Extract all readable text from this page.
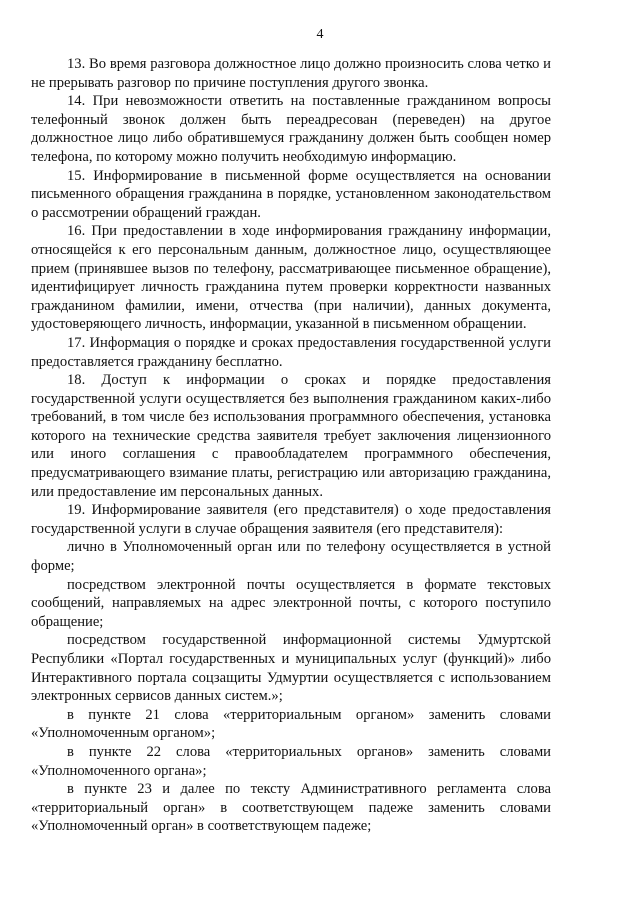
4

13. Во время разговора должностное лицо должно произносить слова четко и не прерывать разговор по причине поступления другого звонка.

14. При невозможности ответить на поставленные гражданином вопросы телефонный звонок должен быть переадресован (переведен) на другое должностное лицо либо обратившемуся гражданину должен быть сообщен номер телефона, по которому можно получить необходимую информацию.

15. Информирование в письменной форме осуществляется на основании письменного обращения гражданина в порядке, установленном законодательством о рассмотрении обращений граждан.

16. При предоставлении в ходе информирования гражданину информации, относящейся к его персональным данным, должностное лицо, осуществляющее прием (принявшее вызов по телефону, рассматривающее письменное обращение), идентифицирует личность гражданина путем проверки корректности названных гражданином фамилии, имени, отчества (при наличии), данных документа, удостоверяющего личность, информации, указанной в письменном обращении.

17. Информация о порядке и сроках предоставления государственной услуги предоставляется гражданину бесплатно.

18. Доступ к информации о сроках и порядке предоставления государственной услуги осуществляется без выполнения гражданином каких-либо требований, в том числе без использования программного обеспечения, установка которого на технические средства заявителя требует заключения лицензионного или иного соглашения с правообладателем программного обеспечения, предусматривающего взимание платы, регистрацию или авторизацию гражданина, или предоставление им персональных данных.

19. Информирование заявителя (его представителя) о ходе предоставления государственной услуги в случае обращения заявителя (его представителя):

лично в Уполномоченный орган или по телефону осуществляется в устной форме;

посредством электронной почты осуществляется в формате текстовых сообщений, направляемых на адрес электронной почты, с которого поступило обращение;

посредством государственной информационной системы Удмуртской Республики «Портал государственных и муниципальных услуг (функций)» либо Интерактивного портала соцзащиты Удмуртии осуществляется с использованием электронных сервисов данных систем.»;

в пункте 21 слова «территориальным органом» заменить словами «Уполномоченным органом»;

в пункте 22 слова «территориальных органов» заменить словами «Уполномоченного органа»;

в пункте 23 и далее по тексту Административного регламента слова «территориальный орган» в соответствующем падеже заменить словами «Уполномоченный орган» в соответствующем падеже;
